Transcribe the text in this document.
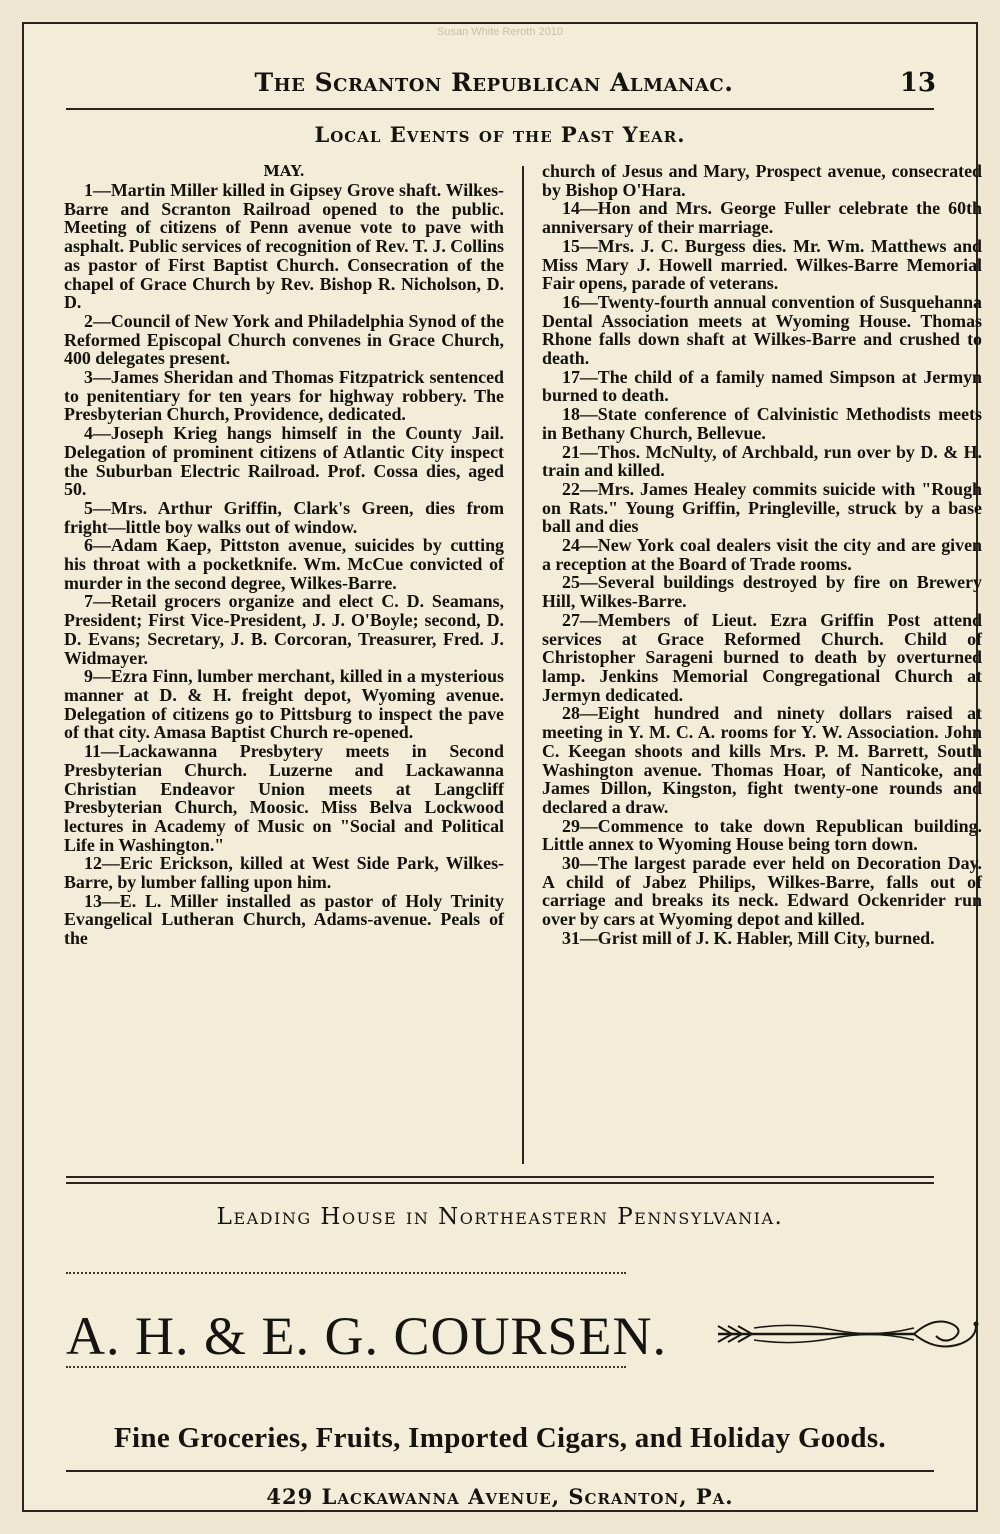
Susan White Reroth 2010
The Scranton Republican Almanac.	13
Local Events of the Past Year.
MAY.

1—Martin Miller killed in Gipsey Grove shaft. Wilkes-Barre and Scranton Railroad opened to the public. Meeting of citizens of Penn avenue vote to pave with asphalt. Public services of recognition of Rev. T. J. Collins as pastor of First Baptist Church. Consecration of the chapel of Grace Church by Rev. Bishop R. Nicholson, D. D.

2—Council of New York and Philadelphia Synod of the Reformed Episcopal Church convenes in Grace Church, 400 delegates present.

3—James Sheridan and Thomas Fitzpatrick sentenced to penitentiary for ten years for highway robbery. The Presbyterian Church, Providence, dedicated.

4—Joseph Krieg hangs himself in the County Jail. Delegation of prominent citizens of Atlantic City inspect the Suburban Electric Railroad. Prof. Cossa dies, aged 50.

5—Mrs. Arthur Griffin, Clark's Green, dies from fright—little boy walks out of window.

6—Adam Kaep, Pittston avenue, suicides by cutting his throat with a pocketknife. Wm. McCue convicted of murder in the second degree, Wilkes-Barre.

7—Retail grocers organize and elect C. D. Seamans, President; First Vice-President, J. J. O'Boyle; second, D. D. Evans; Secretary, J. B. Corcoran, Treasurer, Fred. J. Widmayer.

9—Ezra Finn, lumber merchant, killed in a mysterious manner at D. & H. freight depot, Wyoming avenue. Delegation of citizens go to Pittsburg to inspect the pave of that city. Amasa Baptist Church re-opened.

11—Lackawanna Presbytery meets in Second Presbyterian Church. Luzerne and Lackawanna Christian Endeavor Union meets at Langcliff Presbyterian Church, Moosic. Miss Belva Lockwood lectures in Academy of Music on "Social and Political Life in Washington."

12—Eric Erickson, killed at West Side Park, Wilkes-Barre, by lumber falling upon him.

13—E. L. Miller installed as pastor of Holy Trinity Evangelical Lutheran Church, Adams-avenue. Peals of the

church of Jesus and Mary, Prospect avenue, consecrated by Bishop O'Hara.

14—Hon and Mrs. George Fuller celebrate the 60th anniversary of their marriage.

15—Mrs. J. C. Burgess dies. Mr. Wm. Matthews and Miss Mary J. Howell married. Wilkes-Barre Memorial Fair opens, parade of veterans.

16—Twenty-fourth annual convention of Susquehanna Dental Association meets at Wyoming House. Thomas Rhone falls down shaft at Wilkes-Barre and crushed to death.

17—The child of a family named Simpson at Jermyn burned to death.

18—State conference of Calvinistic Methodists meets in Bethany Church, Bellevue.

21—Thos. McNulty, of Archbald, run over by D. & H. train and killed.

22—Mrs. James Healey commits suicide with "Rough on Rats." Young Griffin, Pringleville, struck by a base ball and dies

24—New York coal dealers visit the city and are given a reception at the Board of Trade rooms.

25—Several buildings destroyed by fire on Brewery Hill, Wilkes-Barre.

27—Members of Lieut. Ezra Griffin Post attend services at Grace Reformed Church. Child of Christopher Sarageni burned to death by overturned lamp. Jenkins Memorial Congregational Church at Jermyn dedicated.

28—Eight hundred and ninety dollars raised at meeting in Y. M. C. A. rooms for Y. W. Association. John C. Keegan shoots and kills Mrs. P. M. Barrett, South Washington avenue. Thomas Hoar, of Nanticoke, and James Dillon, Kingston, fight twenty-one rounds and declared a draw.

29—Commence to take down Republican building. Little annex to Wyoming House being torn down.

30—The largest parade ever held on Decoration Day. A child of Jabez Philips, Wilkes-Barre, falls out of carriage and breaks its neck. Edward Ockenrider run over by cars at Wyoming depot and killed.

31—Grist mill of J. K. Habler, Mill City, burned.

Leading House in Northeastern Pennsylvania.
A. H. & E. G. COURSEN.
Fine Groceries, Fruits, Imported Cigars, and Holiday Goods.
429 Lackawanna Avenue, Scranton, Pa.
